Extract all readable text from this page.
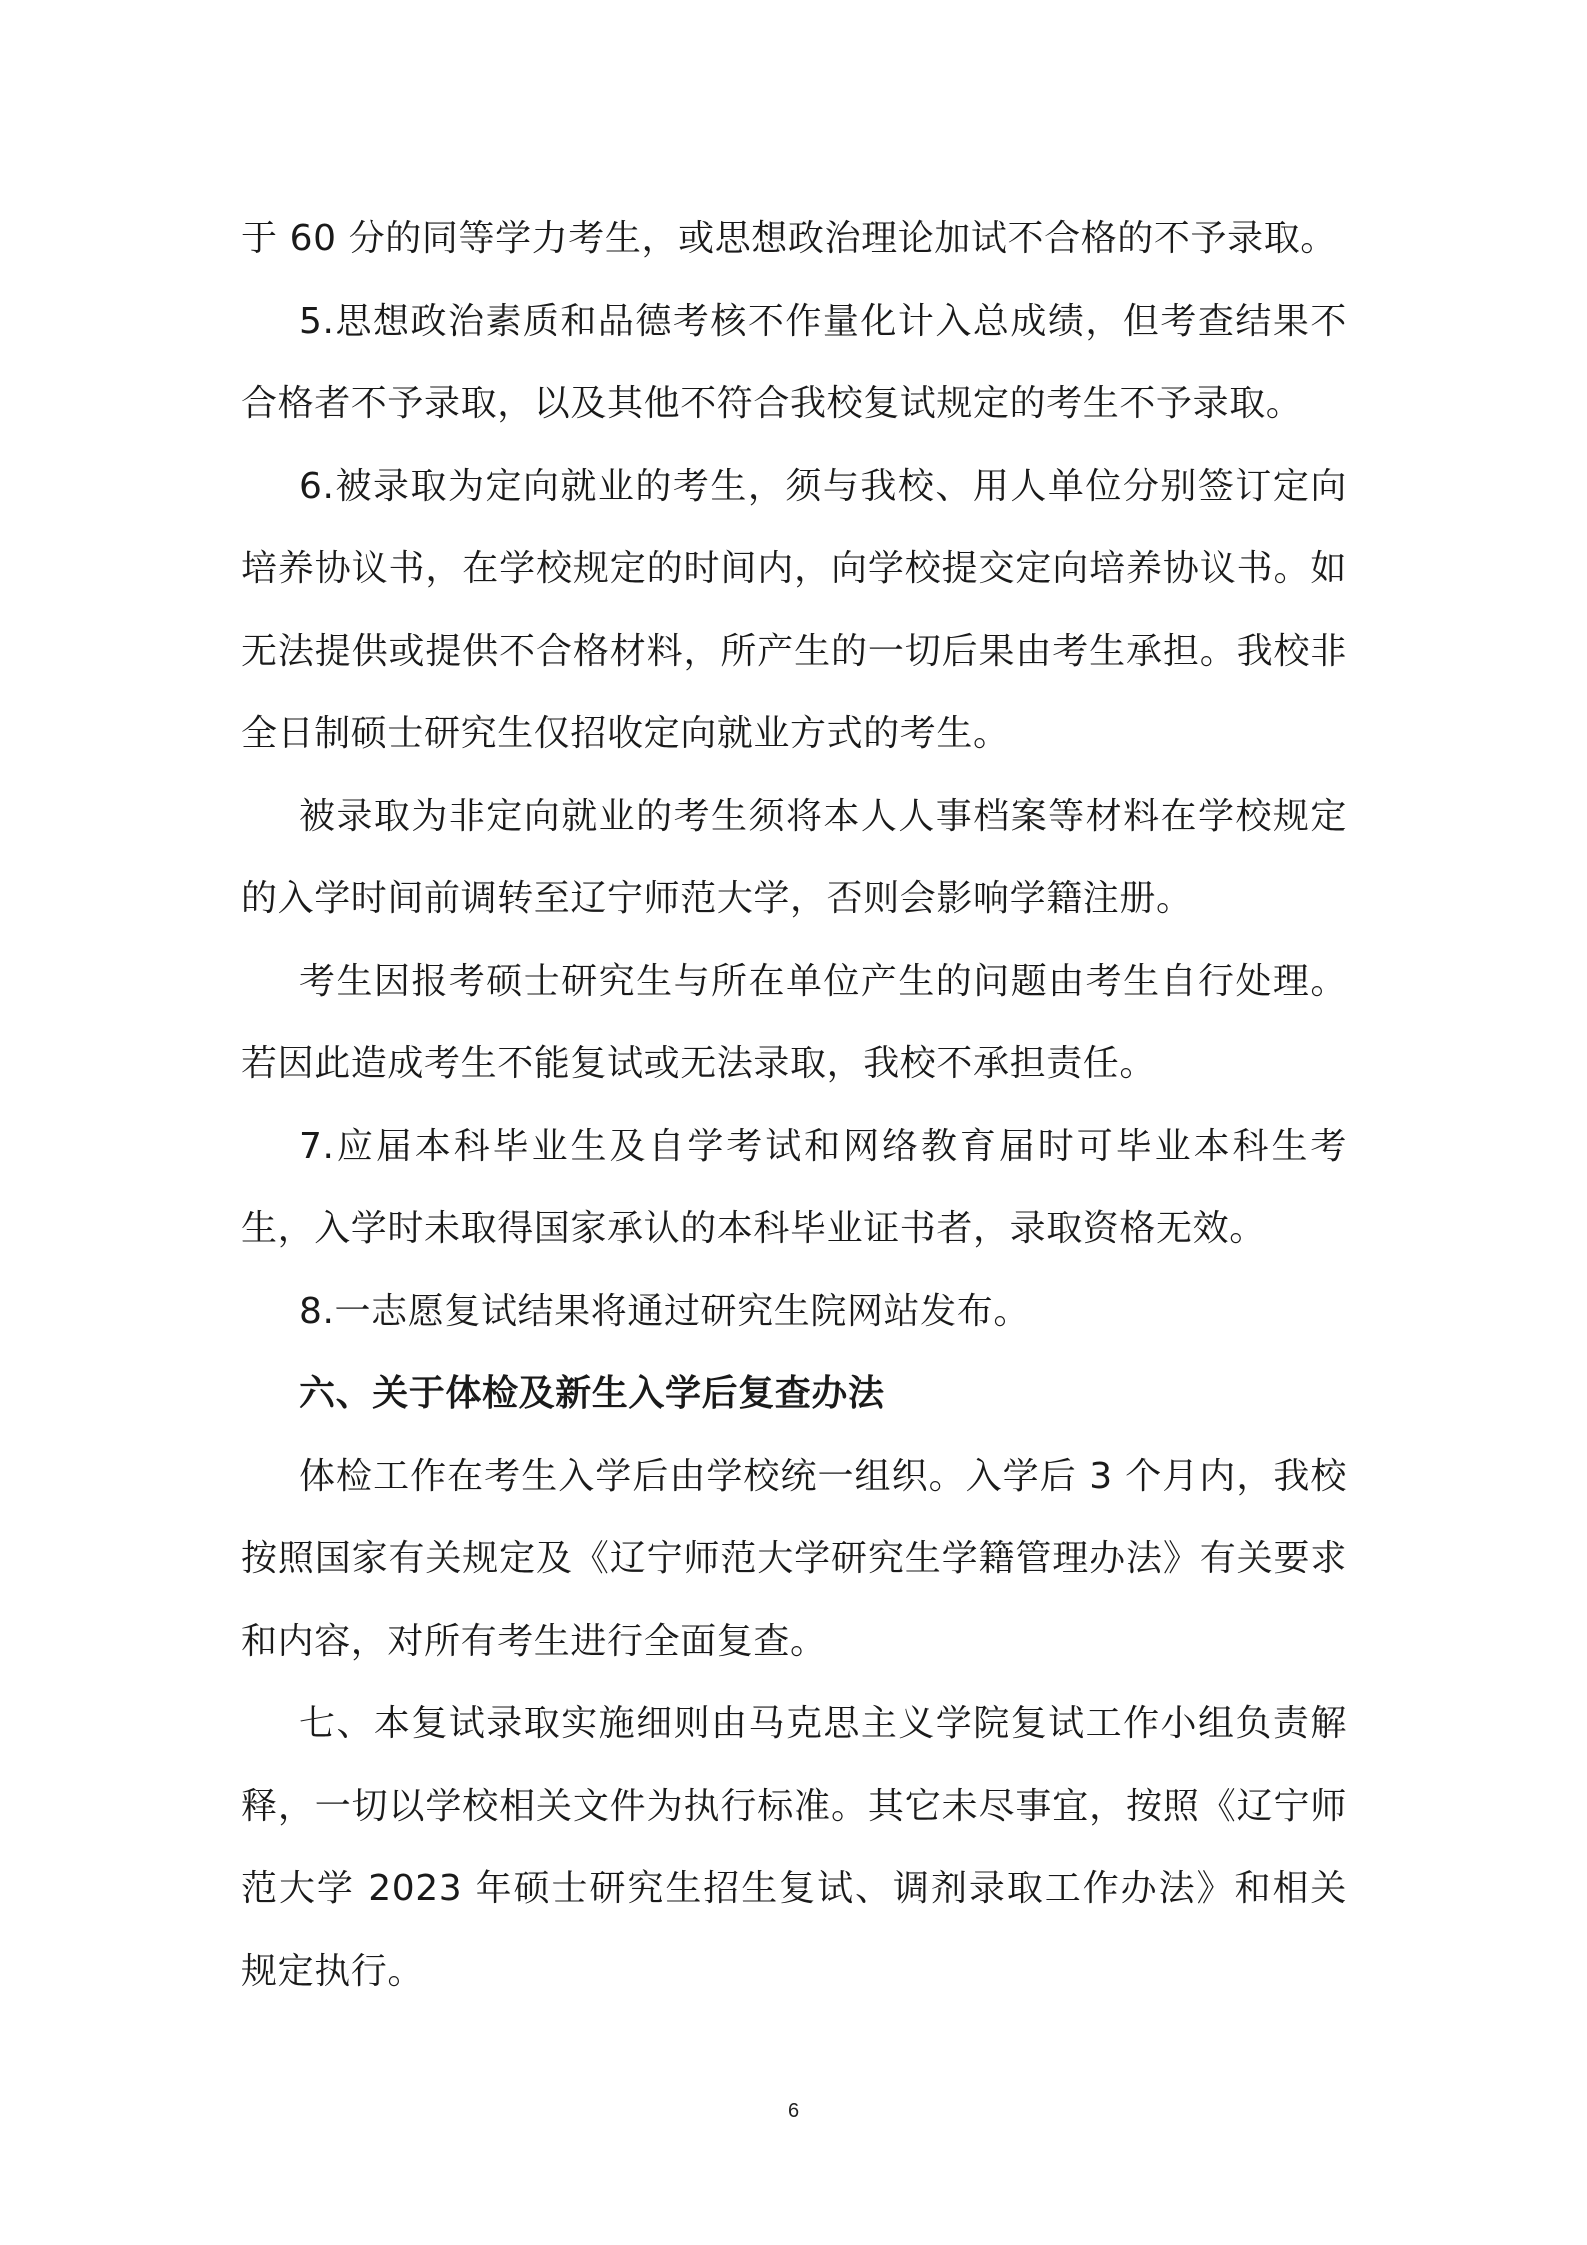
于 60 分的同等学力考生，或思想政治理论加试不合格的不予录取。

5.思想政治素质和品德考核不作量化计入总成绩，但考查结果不合格者不予录取，以及其他不符合我校复试规定的考生不予录取。

6.被录取为定向就业的考生，须与我校、用人单位分别签订定向培养协议书，在学校规定的时间内，向学校提交定向培养协议书。如无法提供或提供不合格材料，所产生的一切后果由考生承担。我校非全日制硕士研究生仅招收定向就业方式的考生。

被录取为非定向就业的考生须将本人人事档案等材料在学校规定的入学时间前调转至辽宁师范大学，否则会影响学籍注册。

考生因报考硕士研究生与所在单位产生的问题由考生自行处理。若因此造成考生不能复试或无法录取，我校不承担责任。

7.应届本科毕业生及自学考试和网络教育届时可毕业本科生考生，入学时未取得国家承认的本科毕业证书者，录取资格无效。

8.一志愿复试结果将通过研究生院网站发布。

六、关于体检及新生入学后复查办法

体检工作在考生入学后由学校统一组织。入学后 3 个月内，我校按照国家有关规定及《辽宁师范大学研究生学籍管理办法》有关要求和内容，对所有考生进行全面复查。

七、本复试录取实施细则由马克思主义学院复试工作小组负责解释，一切以学校相关文件为执行标准。其它未尽事宜，按照《辽宁师范大学 2023 年硕士研究生招生复试、调剂录取工作办法》和相关规定执行。

6
